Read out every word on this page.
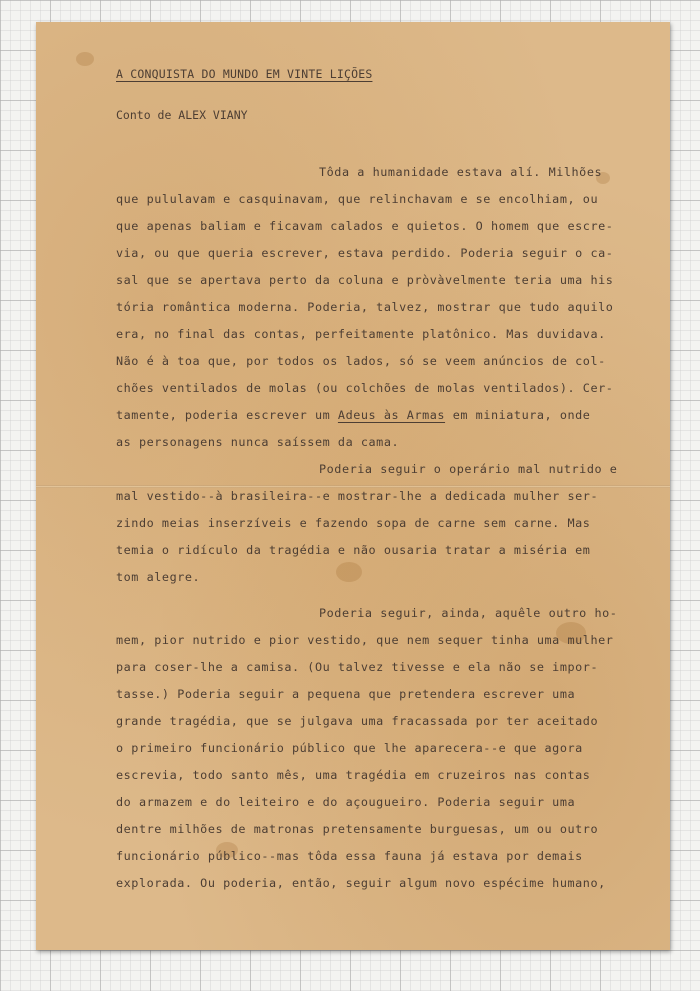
A CONQUISTA DO MUNDO EM VINTE LIÇÕES
Conto de ALEX VIANY
Tôda a humanidade estava alí. Milhões
que pululavam e casquinavam, que relinchavam e se encolhiam, ou
que apenas baliam e ficavam calados e quietos. O homem que escre-
via, ou que queria escrever, estava perdido. Poderia seguir o ca-
sal que se apertava perto da coluna e pròvàvelmente teria uma his
tória romântica moderna. Poderia, talvez, mostrar que tudo aquilo
era, no final das contas, perfeitamente platônico. Mas duvidava.
Não é à toa que, por todos os lados, só se veem anúncios de col-
chões ventilados de molas (ou colchões de molas ventilados). Cer-
tamente, poderia escrever um Adeus às Armas em miniatura, onde
as personagens nunca saíssem da cama.
Poderia seguir o operário mal nutrido e
mal vestido--à brasileira--e mostrar-lhe a dedicada mulher ser-
zindo meias inserzíveis e fazendo sopa de carne sem carne. Mas
temia o ridículo da tragédia e não ousaria tratar a miséria em
tom alegre.
Poderia seguir, ainda, aquêle outro ho-
mem, pior nutrido e pior vestido, que nem sequer tinha uma mulher
para coser-lhe a camisa. (Ou talvez tivesse e ela não se impor-
tasse.) Poderia seguir a pequena que pretendera escrever uma
grande tragédia, que se julgava uma fracassada por ter aceitado
o primeiro funcionário público que lhe aparecera--e que agora
escrevia, todo santo mês, uma tragédia em cruzeiros nas contas
do armazem e do leiteiro e do açougueiro. Poderia seguir uma
dentre milhões de matronas pretensamente burguesas, um ou outro
funcionário público--mas tôda essa fauna já estava por demais
explorada. Ou poderia, então, seguir algum novo espécime humano,
